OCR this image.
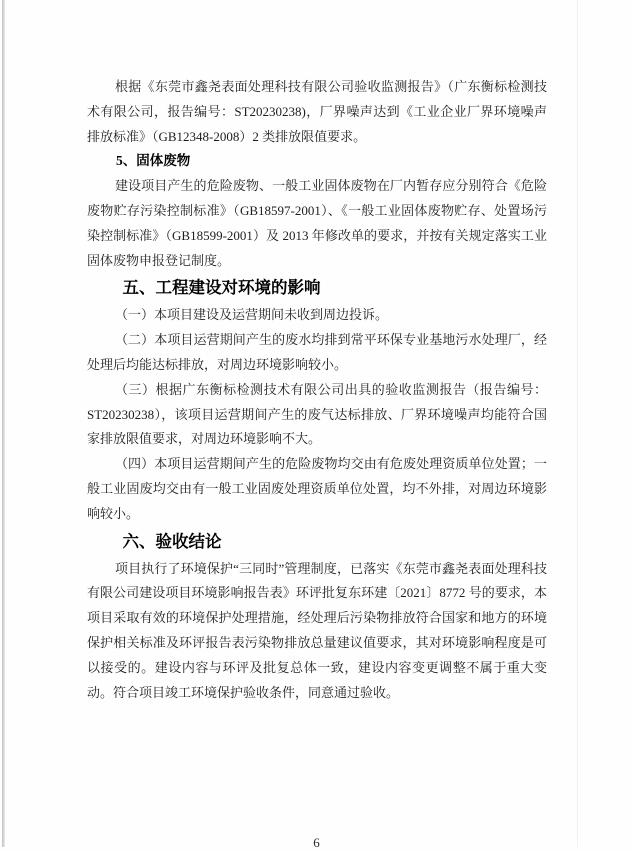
根据《东莞市鑫尧表面处理科技有限公司验收监测报告》（广东衡标检测技术有限公司，报告编号：ST20230238)，厂界噪声达到《工业企业厂界环境噪声排放标准》（GB12348-2008）2 类排放限值要求。

5、固体废物

建设项目产生的危险废物、一般工业固体废物在厂内暂存应分别符合《危险废物贮存污染控制标准》（GB18597-2001）、《一般工业固体废物贮存、处置场污染控制标准》（GB18599-2001）及 2013 年修改单的要求，并按有关规定落实工业固体废物申报登记制度。

五、工程建设对环境的影响

（一）本项目建设及运营期间未收到周边投诉。

（二）本项目运营期间产生的废水均排到常平环保专业基地污水处理厂，经处理后均能达标排放，对周边环境影响较小。

（三）根据广东衡标检测技术有限公司出具的验收监测报告（报告编号：ST20230238），该项目运营期间产生的废气达标排放、厂界环境噪声均能符合国家排放限值要求，对周边环境影响不大。

（四）本项目运营期间产生的危险废物均交由有危废处理资质单位处置；一般工业固废均交由有一般工业固废处理资质单位处置，均不外排，对周边环境影响较小。

六、验收结论

项目执行了环境保护“三同时”管理制度，已落实《东莞市鑫尧表面处理科技有限公司建设项目环境影响报告表》环评批复东环建〔2021〕8772 号的要求，本项目采取有效的环境保护处理措施，经处理后污染物排放符合国家和地方的环境保护相关标准及环评报告表污染物排放总量建议值要求，其对环境影响程度是可以接受的。建设内容与环评及批复总体一致，建设内容变更调整不属于重大变动。符合项目竣工环境保护验收条件，同意通过验收。

6
